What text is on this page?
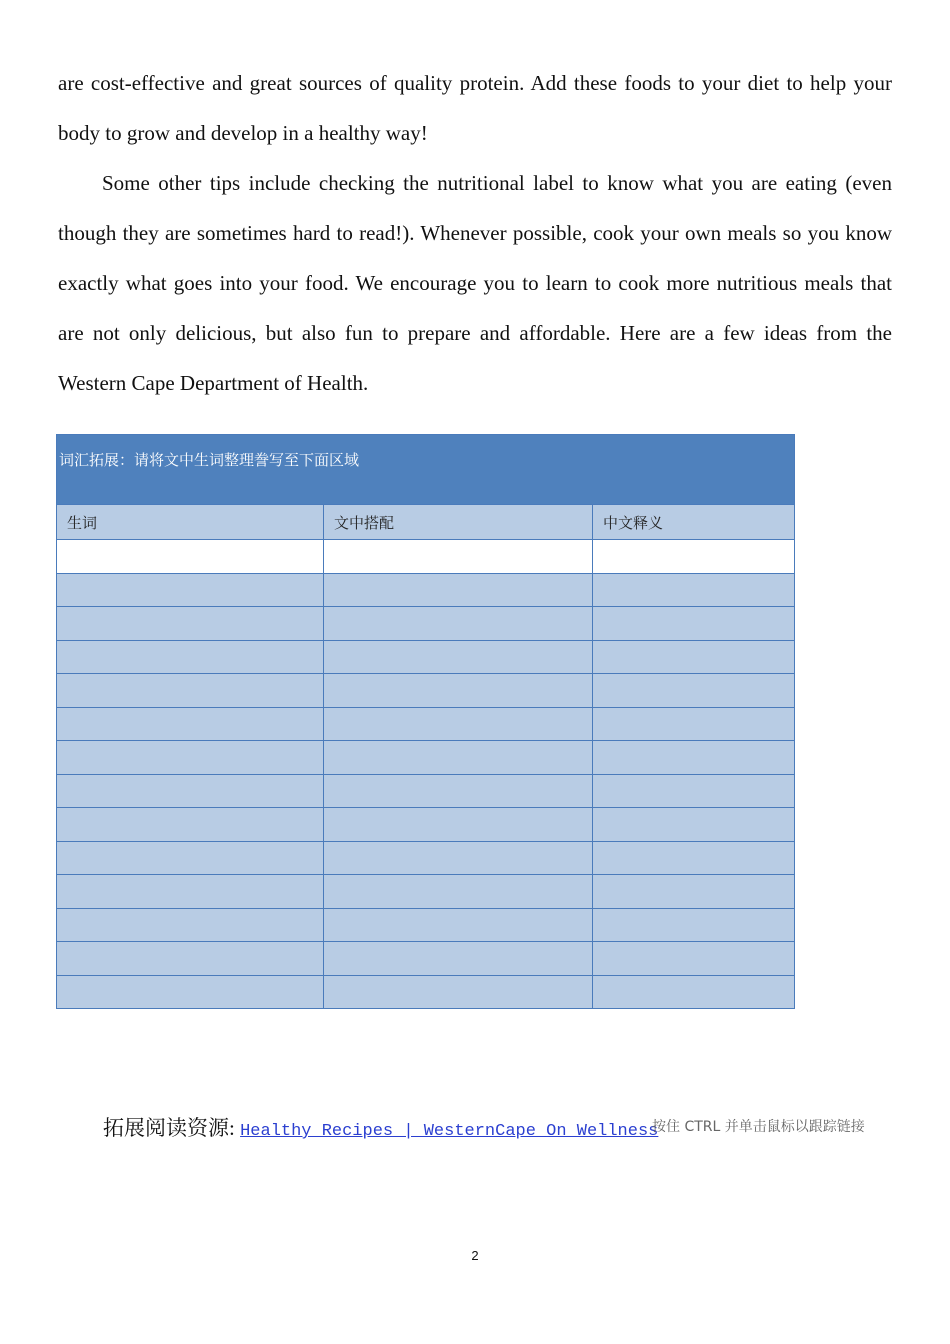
are cost-effective and great sources of quality protein. Add these foods to your diet to help your body to grow and develop in a healthy way!

Some other tips include checking the nutritional label to know what you are eating (even though they are sometimes hard to read!). Whenever possible, cook your own meals so you know exactly what goes into your food. We encourage you to learn to cook more nutritious meals that are not only delicious, but also fun to prepare and affordable. Here are a few ideas from the Western Cape Department of Health.

词汇拓展：请将文中生词整理誊写至下面区域		
生词	文中搭配	中文释义

拓展阅读资源: Healthy Recipes | WesternCape On Wellness
按住 CTRL 并单击鼠标以跟踪链接
2
